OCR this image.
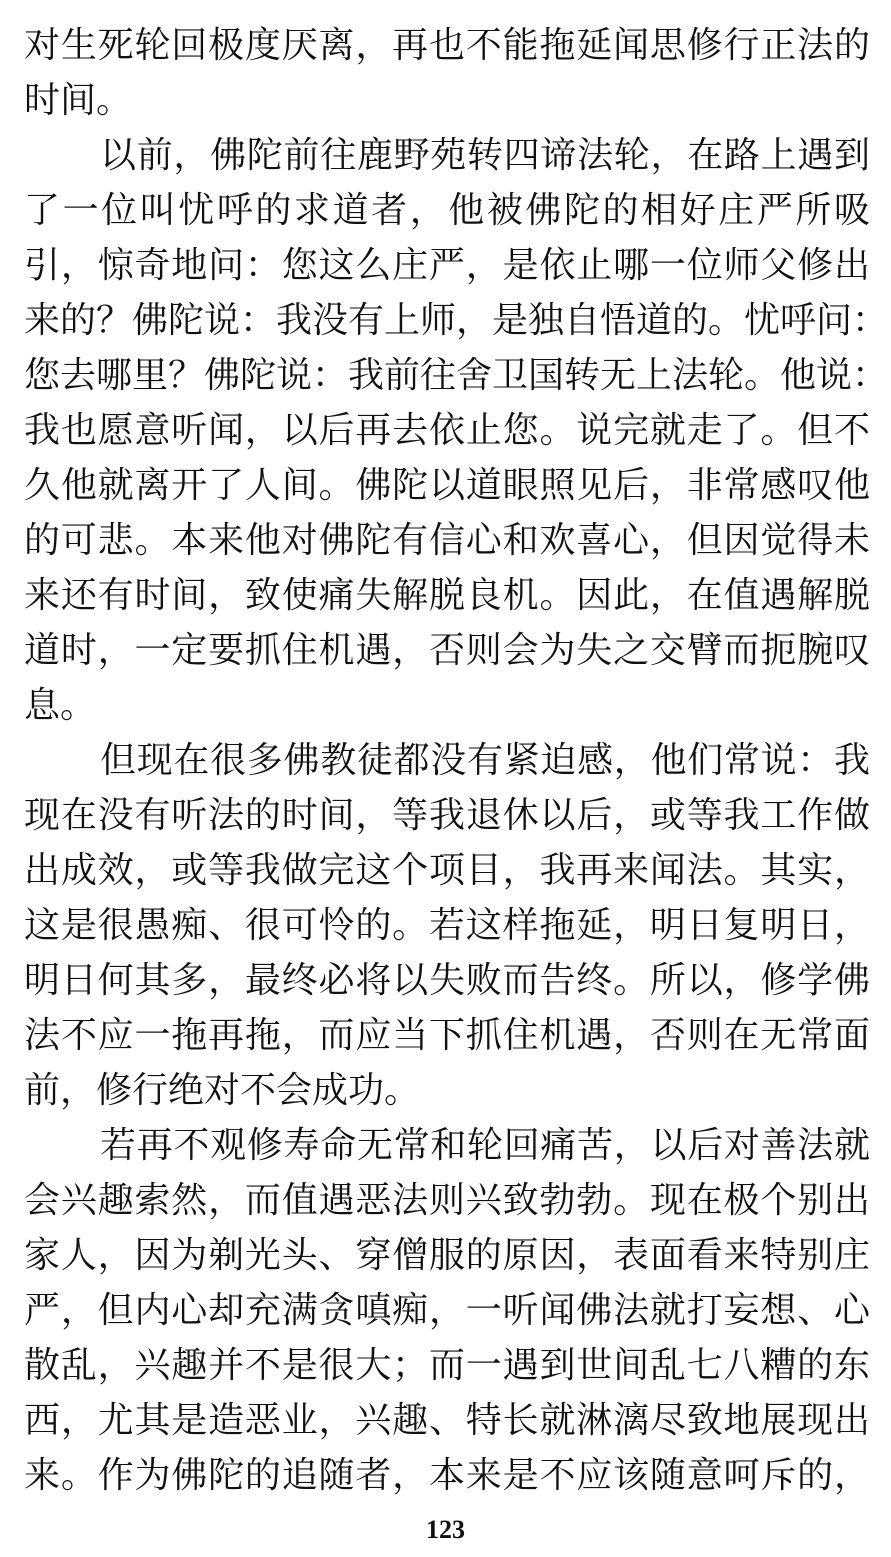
对生死轮回极度厌离，再也不能拖延闻思修行正法的
时间。
以前，佛陀前往鹿野苑转四谛法轮，在路上遇到
了一位叫忧呼的求道者，他被佛陀的相好庄严所吸
引，惊奇地问：您这么庄严，是依止哪一位师父修出
来的？佛陀说：我没有上师，是独自悟道的。忧呼问：
您去哪里？佛陀说：我前往舍卫国转无上法轮。他说：
我也愿意听闻，以后再去依止您。说完就走了。但不
久他就离开了人间。佛陀以道眼照见后，非常感叹他
的可悲。本来他对佛陀有信心和欢喜心，但因觉得未
来还有时间，致使痛失解脱良机。因此，在值遇解脱
道时，一定要抓住机遇，否则会为失之交臂而扼腕叹
息。
但现在很多佛教徒都没有紧迫感，他们常说：我
现在没有听法的时间，等我退休以后，或等我工作做
出成效，或等我做完这个项目，我再来闻法。其实，
这是很愚痴、很可怜的。若这样拖延，明日复明日，
明日何其多，最终必将以失败而告终。所以，修学佛
法不应一拖再拖，而应当下抓住机遇，否则在无常面
前，修行绝对不会成功。
若再不观修寿命无常和轮回痛苦，以后对善法就
会兴趣索然，而值遇恶法则兴致勃勃。现在极个别出
家人，因为剃光头、穿僧服的原因，表面看来特别庄
严，但内心却充满贪嗔痴，一听闻佛法就打妄想、心
散乱，兴趣并不是很大；而一遇到世间乱七八糟的东
西，尤其是造恶业，兴趣、特长就淋漓尽致地展现出
来。作为佛陀的追随者，本来是不应该随意呵斥的，
123
